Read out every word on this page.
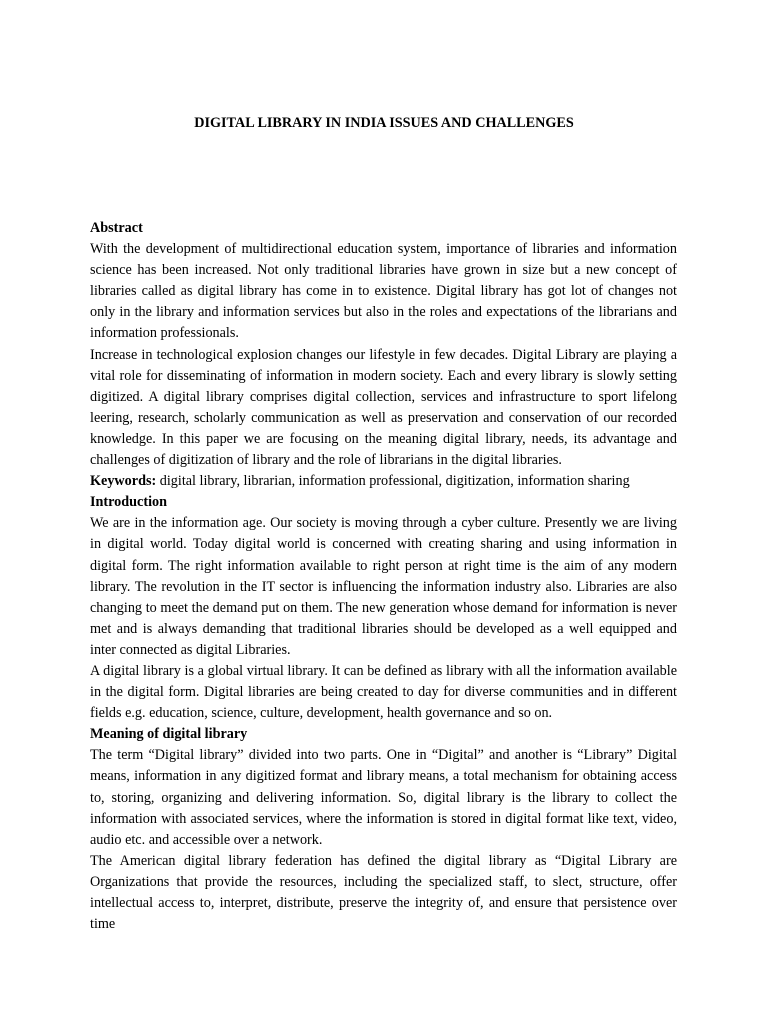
DIGITAL LIBRARY IN INDIA ISSUES AND CHALLENGES

Abstract

With the development of multidirectional education system, importance of libraries and information science has been increased. Not only traditional libraries have grown in size but a new concept of libraries called as digital library has come in to existence. Digital library has got lot of changes not only in the library and information services but also in the roles and expectations of the librarians and information professionals.

Increase in technological explosion changes our lifestyle in few decades. Digital Library are playing a vital role for disseminating of information in modern society. Each and every library is slowly setting digitized. A digital library comprises digital collection, services and infrastructure to sport lifelong leering, research, scholarly communication as well as preservation and conservation of our recorded knowledge. In this paper we are focusing on the meaning digital library, needs, its advantage and challenges of digitization of library and the role of librarians in the digital libraries.

Keywords: digital library, librarian, information professional, digitization, information sharing

Introduction

We are in the information age. Our society is moving through a cyber culture. Presently we are living in digital world. Today digital world is concerned with creating sharing and using information in digital form. The right information available to right person at right time is the aim of any modern library. The revolution in the IT sector is influencing the information industry also. Libraries are also changing to meet the demand put on them. The new generation whose demand for information is never met and is always demanding that traditional libraries should be developed as a well equipped and inter connected as digital Libraries.

A digital library is a global virtual library. It can be defined as library with all the information available in the digital form. Digital libraries are being created to day for diverse communities and in different fields e.g. education, science, culture, development, health governance and so on.

Meaning of digital library

The term “Digital library” divided into two parts. One in “Digital” and another is “Library” Digital means, information in any digitized format and library means, a total mechanism for obtaining access to, storing, organizing and delivering information. So, digital library is the library to collect the information with associated services, where the information is stored in digital format like text, video, audio etc. and accessible over a network.

The American digital library federation has defined the digital library as “Digital Library are Organizations that provide the resources, including the specialized staff, to slect, structure, offer intellectual access to, interpret, distribute, preserve the integrity of, and ensure that persistence over time
